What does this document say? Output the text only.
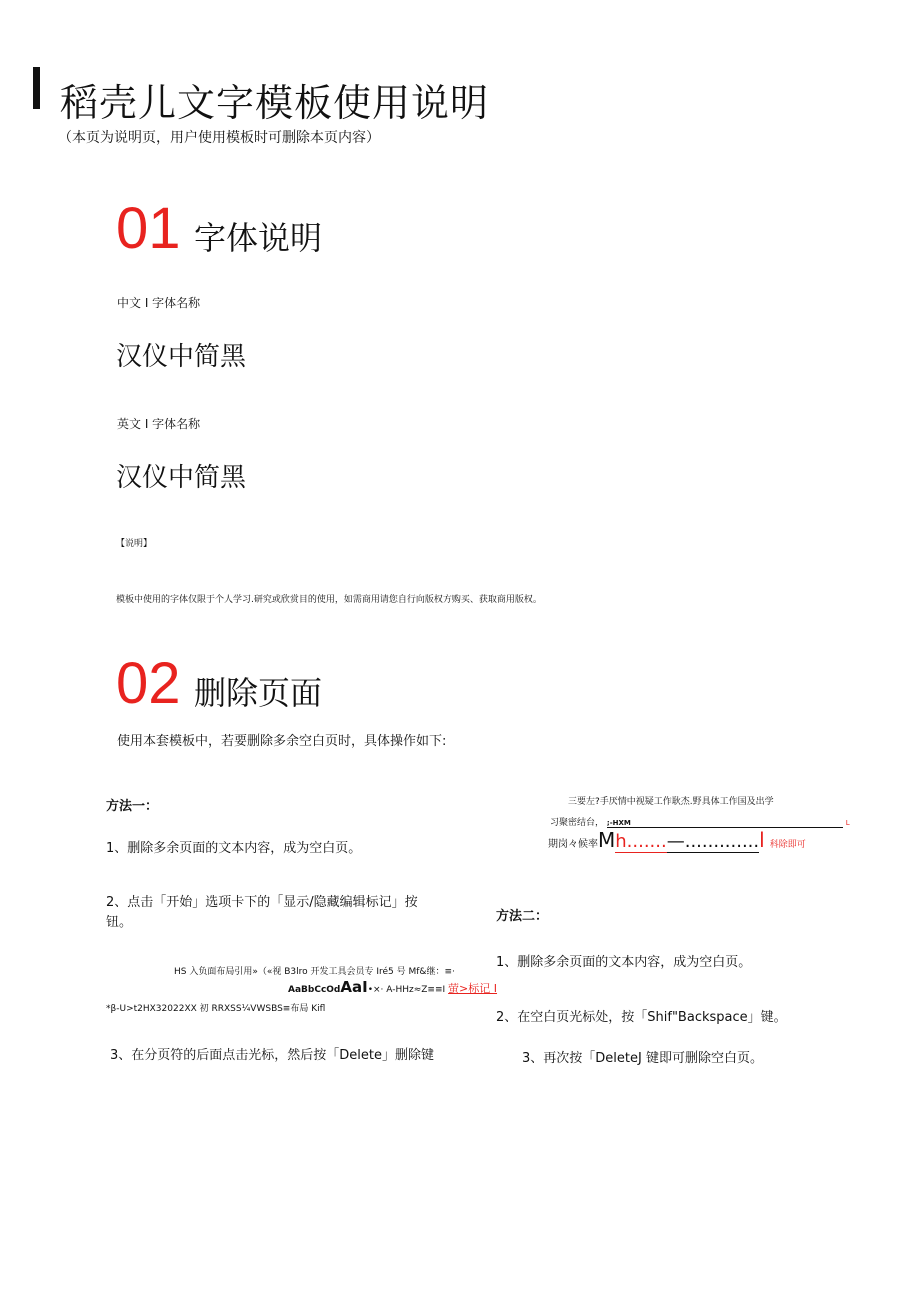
稻壳儿文字模板使用说明
（本页为说明页，用户使用模板时可删除本页内容）
01 字体说明
中文 I 字体名称
汉仪中简黑
英文 I 字体名称
汉仪中简黑
【说明】
模板中使用的字体仅限于个人学习.研究或欣赏目的使用，如需商用请您自行向版权方购买、获取商用版权。
02 删除页面
使用本套模板中，若要删除多余空白页时，具体操作如下:
方法一：
1、删除多余页面的文本内容，成为空白页。
2、点击「开始」选项卡下的「显示/隐藏编辑标记」按
钮。
HS 入负面布局引用»（«视 B3lro 开发工具会员专 Iré5 号 Mf&继：≡·
AaBbCcOdAaI•×· A-HHz≈Z≡≡I 萤>标记 I
*β-U>t2HX32022XX 初 RRXSS¼VWSBS≡布局 Kifl
3、在分页符的后面点击光标，然后按「Delete」删除键
三要左?手厌情中视疑工作耿杰.野具体工作国及出学
习聚密结台， ;-HXM	L
期岗々候率Mh.......—.............l 科除即可
方法二：
1、删除多余页面的文本内容，成为空白页。
2、在空白页光标处，按「Shif"Backspace」键。
3、再次按「DeleteJ 键即可删除空白页。
